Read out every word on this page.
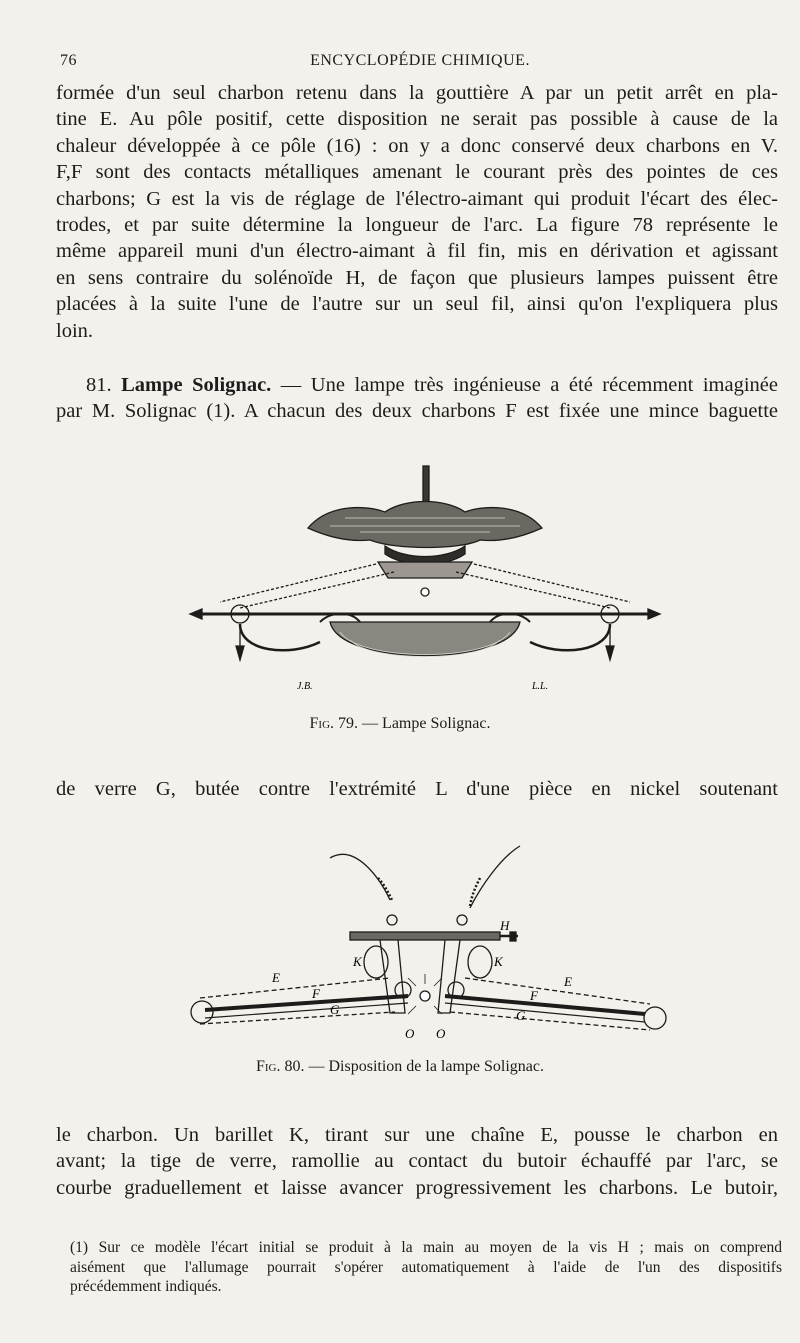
76	ENCYCLOPÉDIE CHIMIQUE.
formée d'un seul charbon retenu dans la gouttière A par un petit arrêt en pla-
tine E. Au pôle positif, cette disposition ne serait pas possible à cause de la
chaleur développée à ce pôle (16) : on y a donc conservé deux charbons en V.
F,F sont des contacts métalliques amenant le courant près des pointes de ces
charbons; G est la vis de réglage de l'électro-aimant qui produit l'écart des élec-
trodes, et par suite détermine la longueur de l'arc. La figure 78 représente le
même appareil muni d'un électro-aimant à fil fin, mis en dérivation et agissant
en sens contraire du solénoïde H, de façon que plusieurs lampes puissent être
placées à la suite l'une de l'autre sur un seul fil, ainsi qu'on l'expliquera plus
loin.
81. Lampe Solignac. — Une lampe très ingénieuse a été récemment imaginée
par M. Solignac (1). A chacun des deux charbons F est fixée une mince baguette
J.B.	L.L.
Fig. 79. — Lampe Solignac.
de verre G, butée contre l'extrémité L d'une pièce en nickel soutenant
H
K	K
E	E
F	F
G	G
O O
Fig. 80. — Disposition de la lampe Solignac.
le charbon. Un barillet K, tirant sur une chaîne E, pousse le charbon en
avant; la tige de verre, ramollie au contact du butoir échauffé par l'arc, se
courbe graduellement et laisse avancer progressivement les charbons. Le butoir,
(1) Sur ce modèle l'écart initial se produit à la main au moyen de la vis H ; mais on comprend
aisément que l'allumage pourrait s'opérer automatiquement à l'aide de l'un des dispositifs
précédemment indiqués.
